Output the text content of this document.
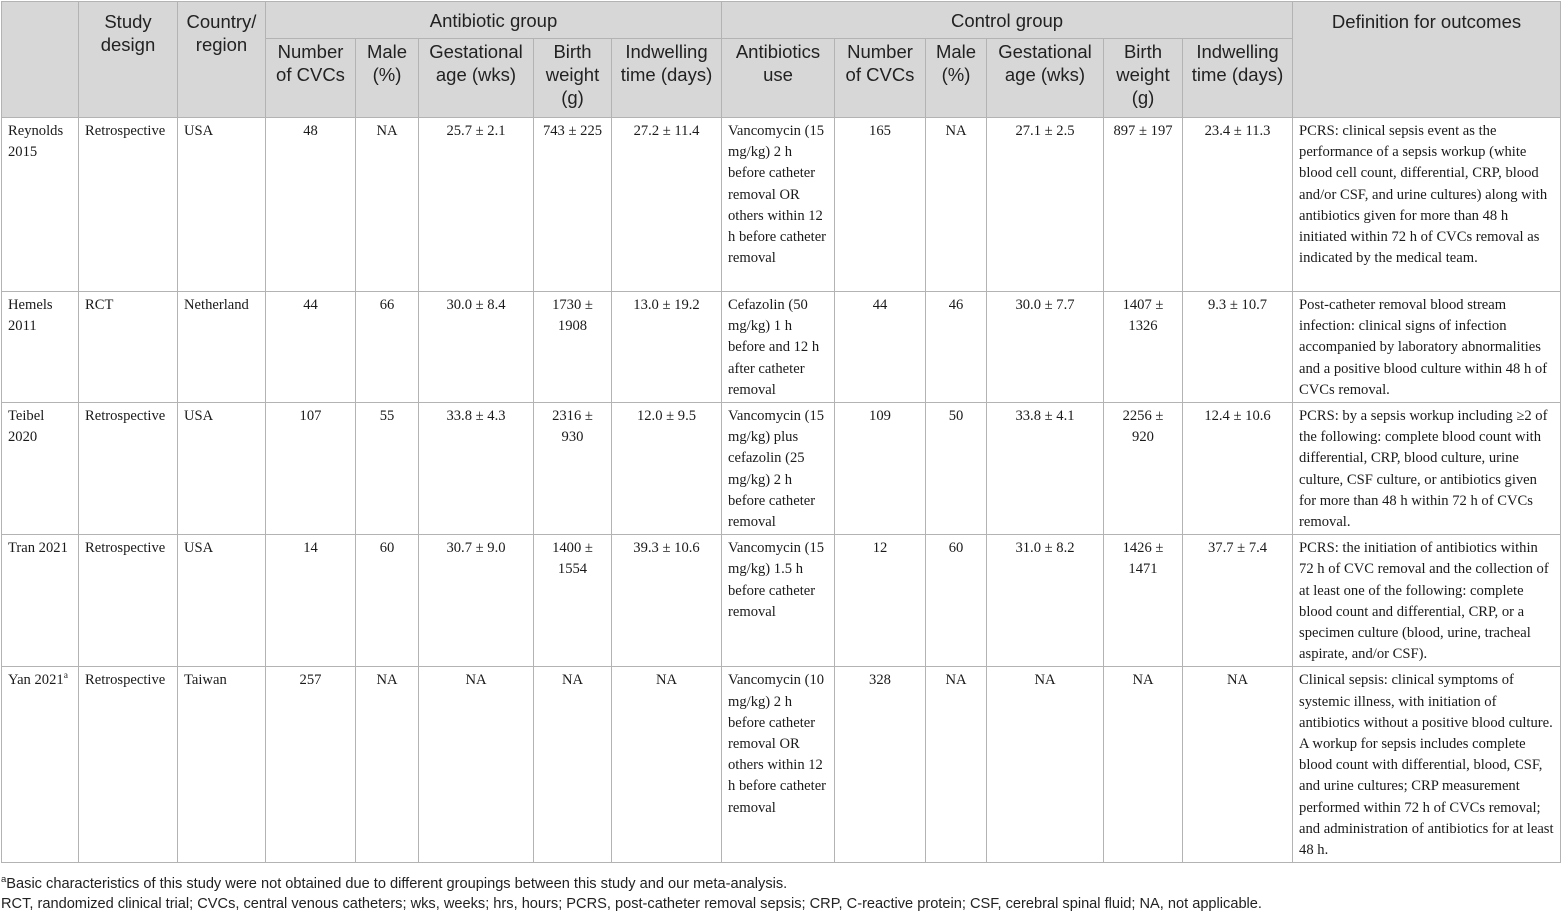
	Study design	Country/ region	Antibiotic group					Control group						Definition for outcomes
			Number of CVCs	Male (%)	Gestational age (wks)	Birth weight (g)	Indwelling time (days)	Antibiotics use	Number of CVCs	Male (%)	Gestational age (wks)	Birth weight (g)	Indwelling time (days)	
Reynolds 2015	Retrospective	USA	48	NA	25.7 ± 2.1	743 ± 225	27.2 ± 11.4	Vancomycin (15 mg/kg) 2 h before catheter removal OR others within 12 h before catheter removal	165	NA	27.1 ± 2.5	897 ± 197	23.4 ± 11.3	PCRS: clinical sepsis event as the performance of a sepsis workup (white blood cell count, differential, CRP, blood and/or CSF, and urine cultures) along with antibiotics given for more than 48 h initiated within 72 h of CVCs removal as indicated by the medical team.
Hemels 2011	RCT	Netherland	44	66	30.0 ± 8.4	1730 ± 1908	13.0 ± 19.2	Cefazolin (50 mg/kg) 1 h before and 12 h after catheter removal	44	46	30.0 ± 7.7	1407 ± 1326	9.3 ± 10.7	Post-catheter removal blood stream infection: clinical signs of infection accompanied by laboratory abnormalities and a positive blood culture within 48 h of CVCs removal.
Teibel 2020	Retrospective	USA	107	55	33.8 ± 4.3	2316 ± 930	12.0 ± 9.5	Vancomycin (15 mg/kg) plus cefazolin (25 mg/kg) 2 h before catheter removal	109	50	33.8 ± 4.1	2256 ± 920	12.4 ± 10.6	PCRS: by a sepsis workup including ≥2 of the following: complete blood count with differential, CRP, blood culture, urine culture, CSF culture, or antibiotics given for more than 48 h within 72 h of CVCs removal.
Tran 2021	Retrospective	USA	14	60	30.7 ± 9.0	1400 ± 1554	39.3 ± 10.6	Vancomycin (15 mg/kg) 1.5 h before catheter removal	12	60	31.0 ± 8.2	1426 ± 1471	37.7 ± 7.4	PCRS: the initiation of antibiotics within 72 h of CVC removal and the collection of at least one of the following: complete blood count and differential, CRP, or a specimen culture (blood, urine, tracheal aspirate, and/or CSF).
Yan 2021$^a$	Retrospective	Taiwan	257	NA	NA	NA	NA	Vancomycin (10 mg/kg) 2 h before catheter removal OR others within 12 h before catheter removal	328	NA	NA	NA	NA	Clinical sepsis: clinical symptoms of systemic illness, with initiation of antibiotics without a positive blood culture. A workup for sepsis includes complete blood count with differential, blood, CSF, and urine cultures; CRP measurement performed within 72 h of CVCs removal; and administration of antibiotics for at least 48 h.

$^a$Basic characteristics of this study were not obtained due to different groupings between this study and our meta-analysis.

RCT, randomized clinical trial; CVCs, central venous catheters; wks, weeks; hrs, hours; PCRS, post-catheter removal sepsis; CRP, C-reactive protein; CSF, cerebral spinal fluid; NA, not applicable.
